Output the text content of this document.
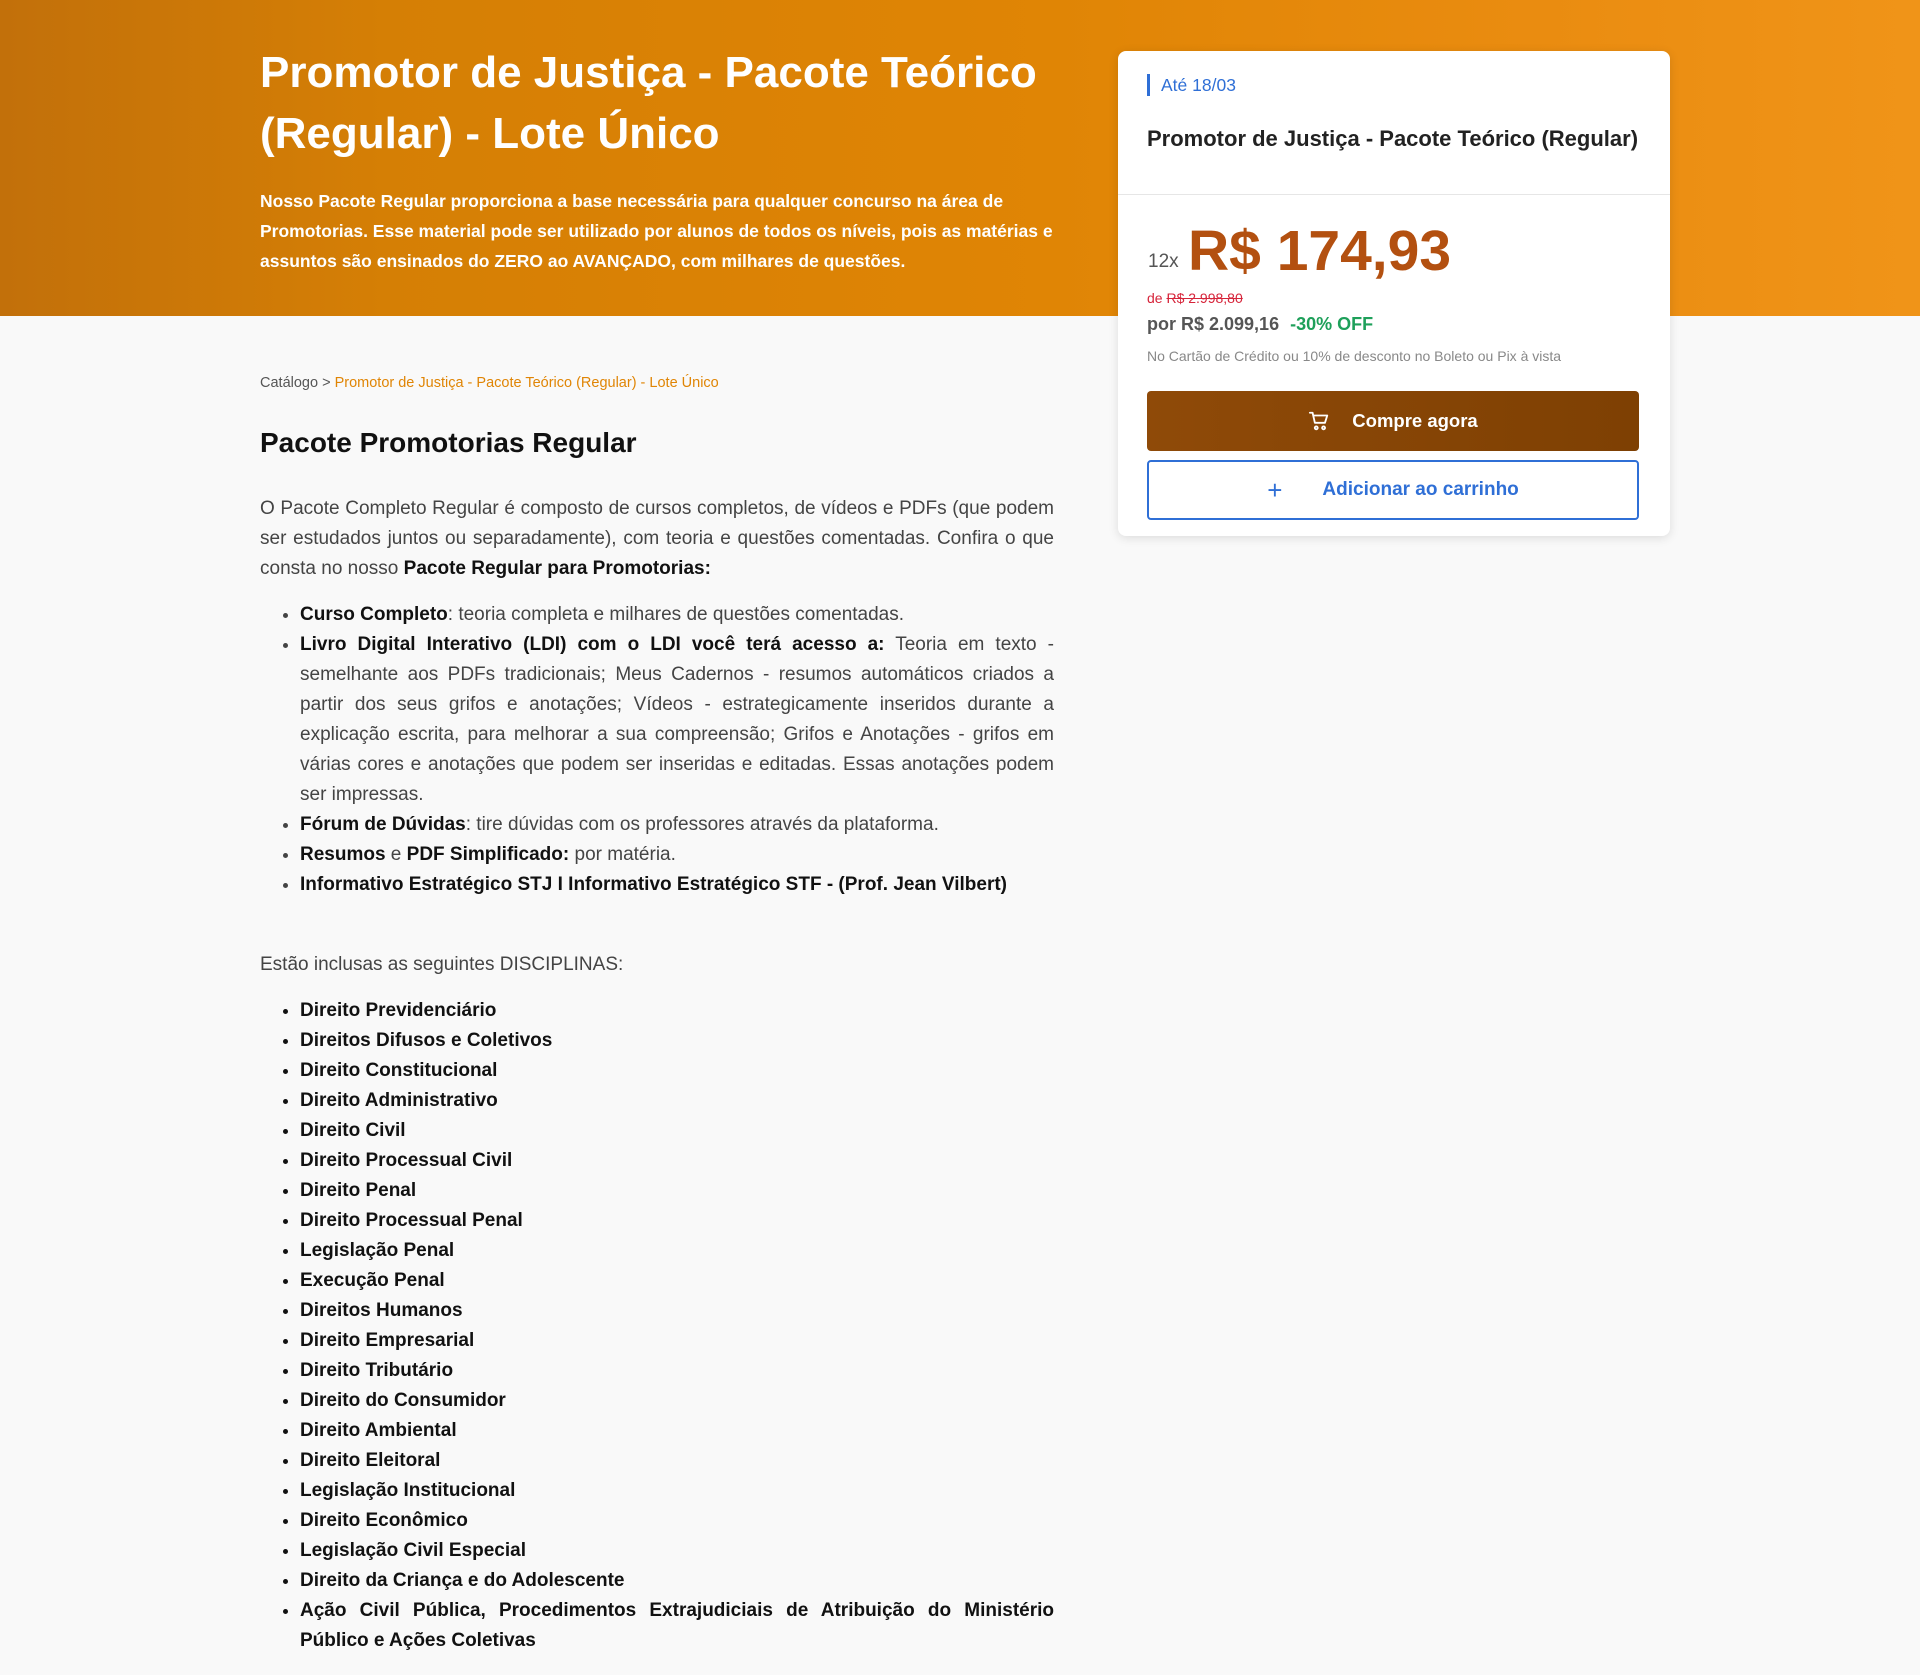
Promotor de Justiça - Pacote Teórico (Regular) - Lote Único

Nosso Pacote Regular proporciona a base necessária para qualquer concurso na área de Promotorias. Esse material pode ser utilizado por alunos de todos os níveis, pois as matérias e assuntos são ensinados do ZERO ao AVANÇADO, com milhares de questões.

Até 18/03
Promotor de Justiça - Pacote Teórico (Regular)
12x R$ 174,93
de R$ 2.998,80
por R$ 2.099,16 -30% OFF
No Cartão de Crédito ou 10% de desconto no Boleto ou Pix à vista
Compre agora
+ Adicionar ao carrinho
Catálogo > Promotor de Justiça - Pacote Teórico (Regular) - Lote Único
Pacote Promotorias Regular

O Pacote Completo Regular é composto de cursos completos, de vídeos e PDFs (que podem ser estudados juntos ou separadamente), com teoria e questões comentadas. Confira o que consta no nosso Pacote Regular para Promotorias:

• Curso Completo: teoria completa e milhares de questões comentadas.
• Livro Digital Interativo (LDI) com o LDI você terá acesso a: Teoria em texto - semelhante aos PDFs tradicionais; Meus Cadernos - resumos automáticos criados a partir dos seus grifos e anotações; Vídeos - estrategicamente inseridos durante a explicação escrita, para melhorar a sua compreensão; Grifos e Anotações - grifos em várias cores e anotações que podem ser inseridas e editadas. Essas anotações podem ser impressas.
• Fórum de Dúvidas: tire dúvidas com os professores através da plataforma.
• Resumos e PDF Simplificado: por matéria.
• Informativo Estratégico STJ I Informativo Estratégico STF - (Prof. Jean Vilbert)

Estão inclusas as seguintes DISCIPLINAS:

• Direito Previdenciário
• Direitos Difusos e Coletivos
• Direito Constitucional
• Direito Administrativo
• Direito Civil
• Direito Processual Civil
• Direito Penal
• Direito Processual Penal
• Legislação Penal
• Execução Penal
• Direitos Humanos
• Direito Empresarial
• Direito Tributário
• Direito do Consumidor
• Direito Ambiental
• Direito Eleitoral
• Legislação Institucional
• Direito Econômico
• Legislação Civil Especial
• Direito da Criança e do Adolescente
• Ação Civil Pública, Procedimentos Extrajudiciais de Atribuição do Ministério Público e Ações Coletivas
